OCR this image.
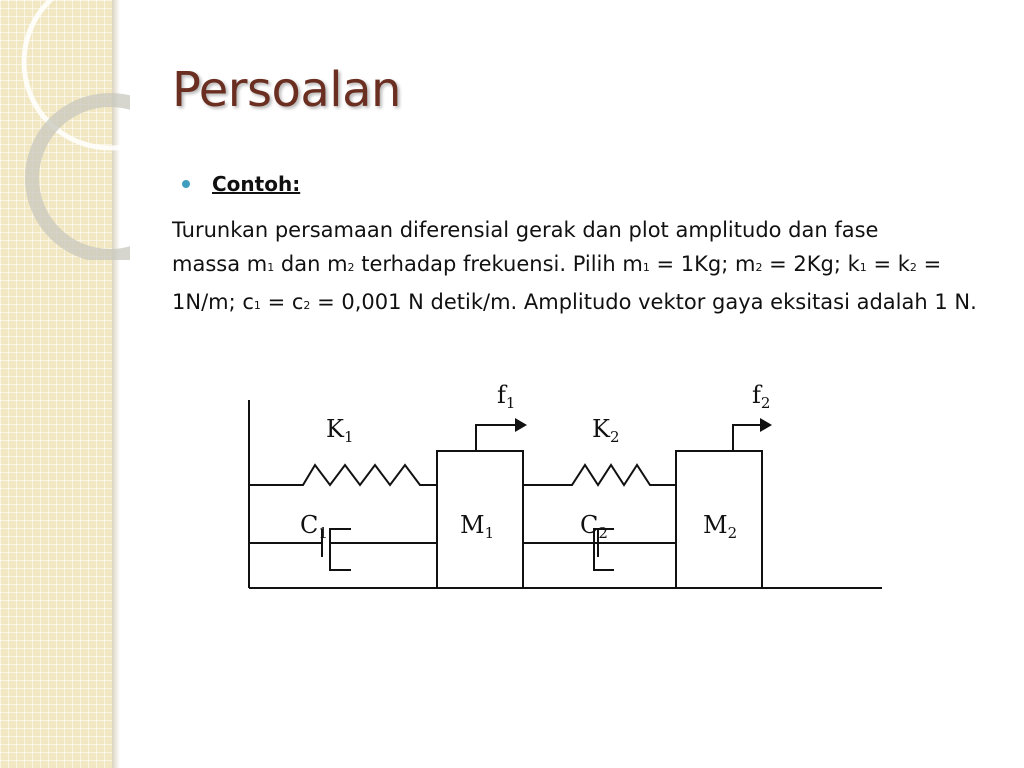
Persoalan
Contoh:

Turunkan persamaan diferensial gerak dan plot amplitudo dan fase
massa m1 dan m2 terhadap frekuensi. Pilih m1 = 1Kg; m2 = 2Kg; k1 = k2 = 1N/m; c1 = c2 = 0,001 N detik/m. Amplitudo vektor gaya eksitasi adalah 1 N.

$K_1$
$C_1$	$M_1$
$f_1$
$K_2$
$C_2$	$M_2$
$f_2$
